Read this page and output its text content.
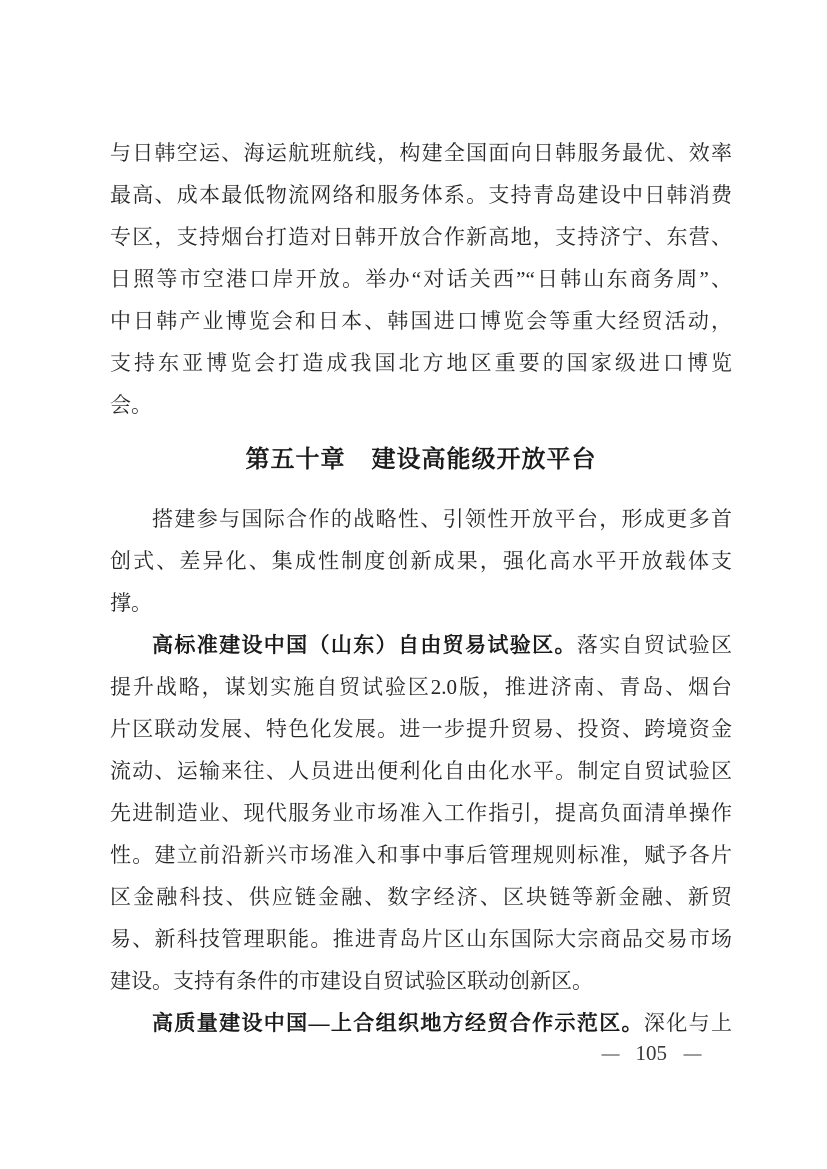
与日韩空运、海运航班航线，构建全国面向日韩服务最优、效率
最高、成本最低物流网络和服务体系。支持青岛建设中日韩消费
专区，支持烟台打造对日韩开放合作新高地，支持济宁、东营、
日照等市空港口岸开放。举办“对话关西”“日韩山东商务周”、
中日韩产业博览会和日本、韩国进口博览会等重大经贸活动，
支持东亚博览会打造成我国北方地区重要的国家级进口博览
会。
第五十章 建设高能级开放平台
搭建参与国际合作的战略性、引领性开放平台，形成更多首
创式、差异化、集成性制度创新成果，强化高水平开放载体支
撑。
高标准建设中国（山东）自由贸易试验区。落实自贸试验区
提升战略，谋划实施自贸试验区2.0版，推进济南、青岛、烟台
片区联动发展、特色化发展。进一步提升贸易、投资、跨境资金
流动、运输来往、人员进出便利化自由化水平。制定自贸试验区
先进制造业、现代服务业市场准入工作指引，提高负面清单操作
性。建立前沿新兴市场准入和事中事后管理规则标准，赋予各片
区金融科技、供应链金融、数字经济、区块链等新金融、新贸
易、新科技管理职能。推进青岛片区山东国际大宗商品交易市场
建设。支持有条件的市建设自贸试验区联动创新区。
高质量建设中国—上合组织地方经贸合作示范区。深化与上
— 105 —
